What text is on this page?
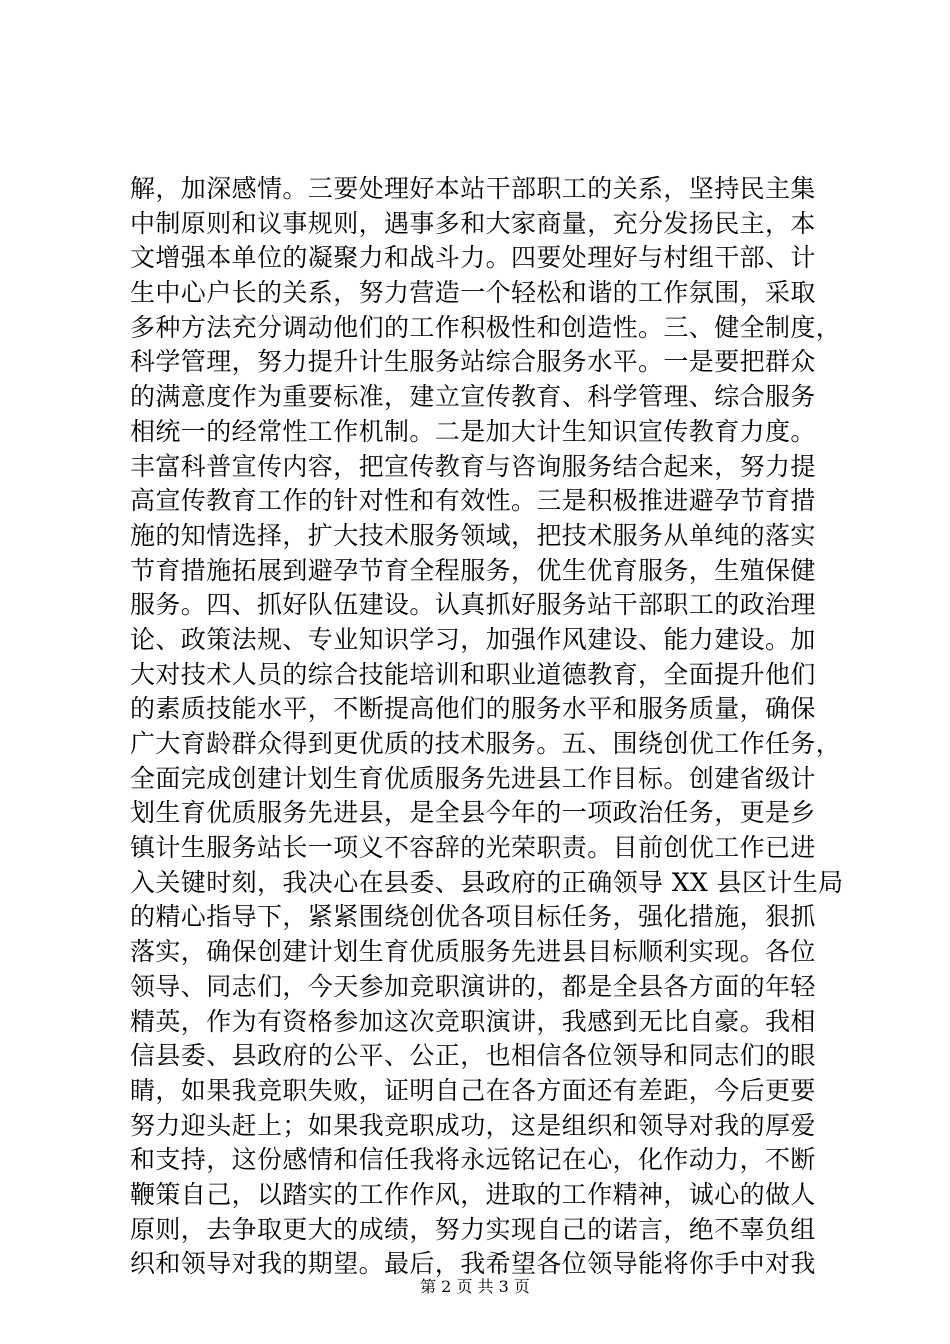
解，加深感情。三要处理好本站干部职工的关系，坚持民主集
中制原则和议事规则，遇事多和大家商量，充分发扬民主，本
文增强本单位的凝聚力和战斗力。四要处理好与村组干部、计
生中心户长的关系，努力营造一个轻松和谐的工作氛围，采取
多种方法充分调动他们的工作积极性和创造性。三、健全制度，
科学管理，努力提升计生服务站综合服务水平。一是要把群众
的满意度作为重要标准，建立宣传教育、科学管理、综合服务
相统一的经常性工作机制。二是加大计生知识宣传教育力度。
丰富科普宣传内容，把宣传教育与咨询服务结合起来，努力提
高宣传教育工作的针对性和有效性。三是积极推进避孕节育措
施的知情选择，扩大技术服务领域，把技术服务从单纯的落实
节育措施拓展到避孕节育全程服务，优生优育服务，生殖保健
服务。四、抓好队伍建设。认真抓好服务站干部职工的政治理
论、政策法规、专业知识学习，加强作风建设、能力建设。加
大对技术人员的综合技能培训和职业道德教育，全面提升他们
的素质技能水平，不断提高他们的服务水平和服务质量，确保
广大育龄群众得到更优质的技术服务。五、围绕创优工作任务，
全面完成创建计划生育优质服务先进县工作目标。创建省级计
划生育优质服务先进县，是全县今年的一项政治任务，更是乡
镇计生服务站长一项义不容辞的光荣职责。目前创优工作已进
入关键时刻，我决心在县委、县政府的正确领导 XX 县区计生局
的精心指导下，紧紧围绕创优各项目标任务，强化措施，狠抓
落实，确保创建计划生育优质服务先进县目标顺利实现。各位
领导、同志们，今天参加竞职演讲的，都是全县各方面的年轻
精英，作为有资格参加这次竞职演讲，我感到无比自豪。我相
信县委、县政府的公平、公正，也相信各位领导和同志们的眼
睛，如果我竞职失败，证明自己在各方面还有差距，今后更要
努力迎头赶上；如果我竞职成功，这是组织和领导对我的厚爱
和支持，这份感情和信任我将永远铭记在心，化作动力，不断
鞭策自己，以踏实的工作作风，进取的工作精神，诚心的做人
原则，去争取更大的成绩，努力实现自己的诺言，绝不辜负组
织和领导对我的期望。最后，我希望各位领导能将你手中对我
第 2 页 共 3 页
